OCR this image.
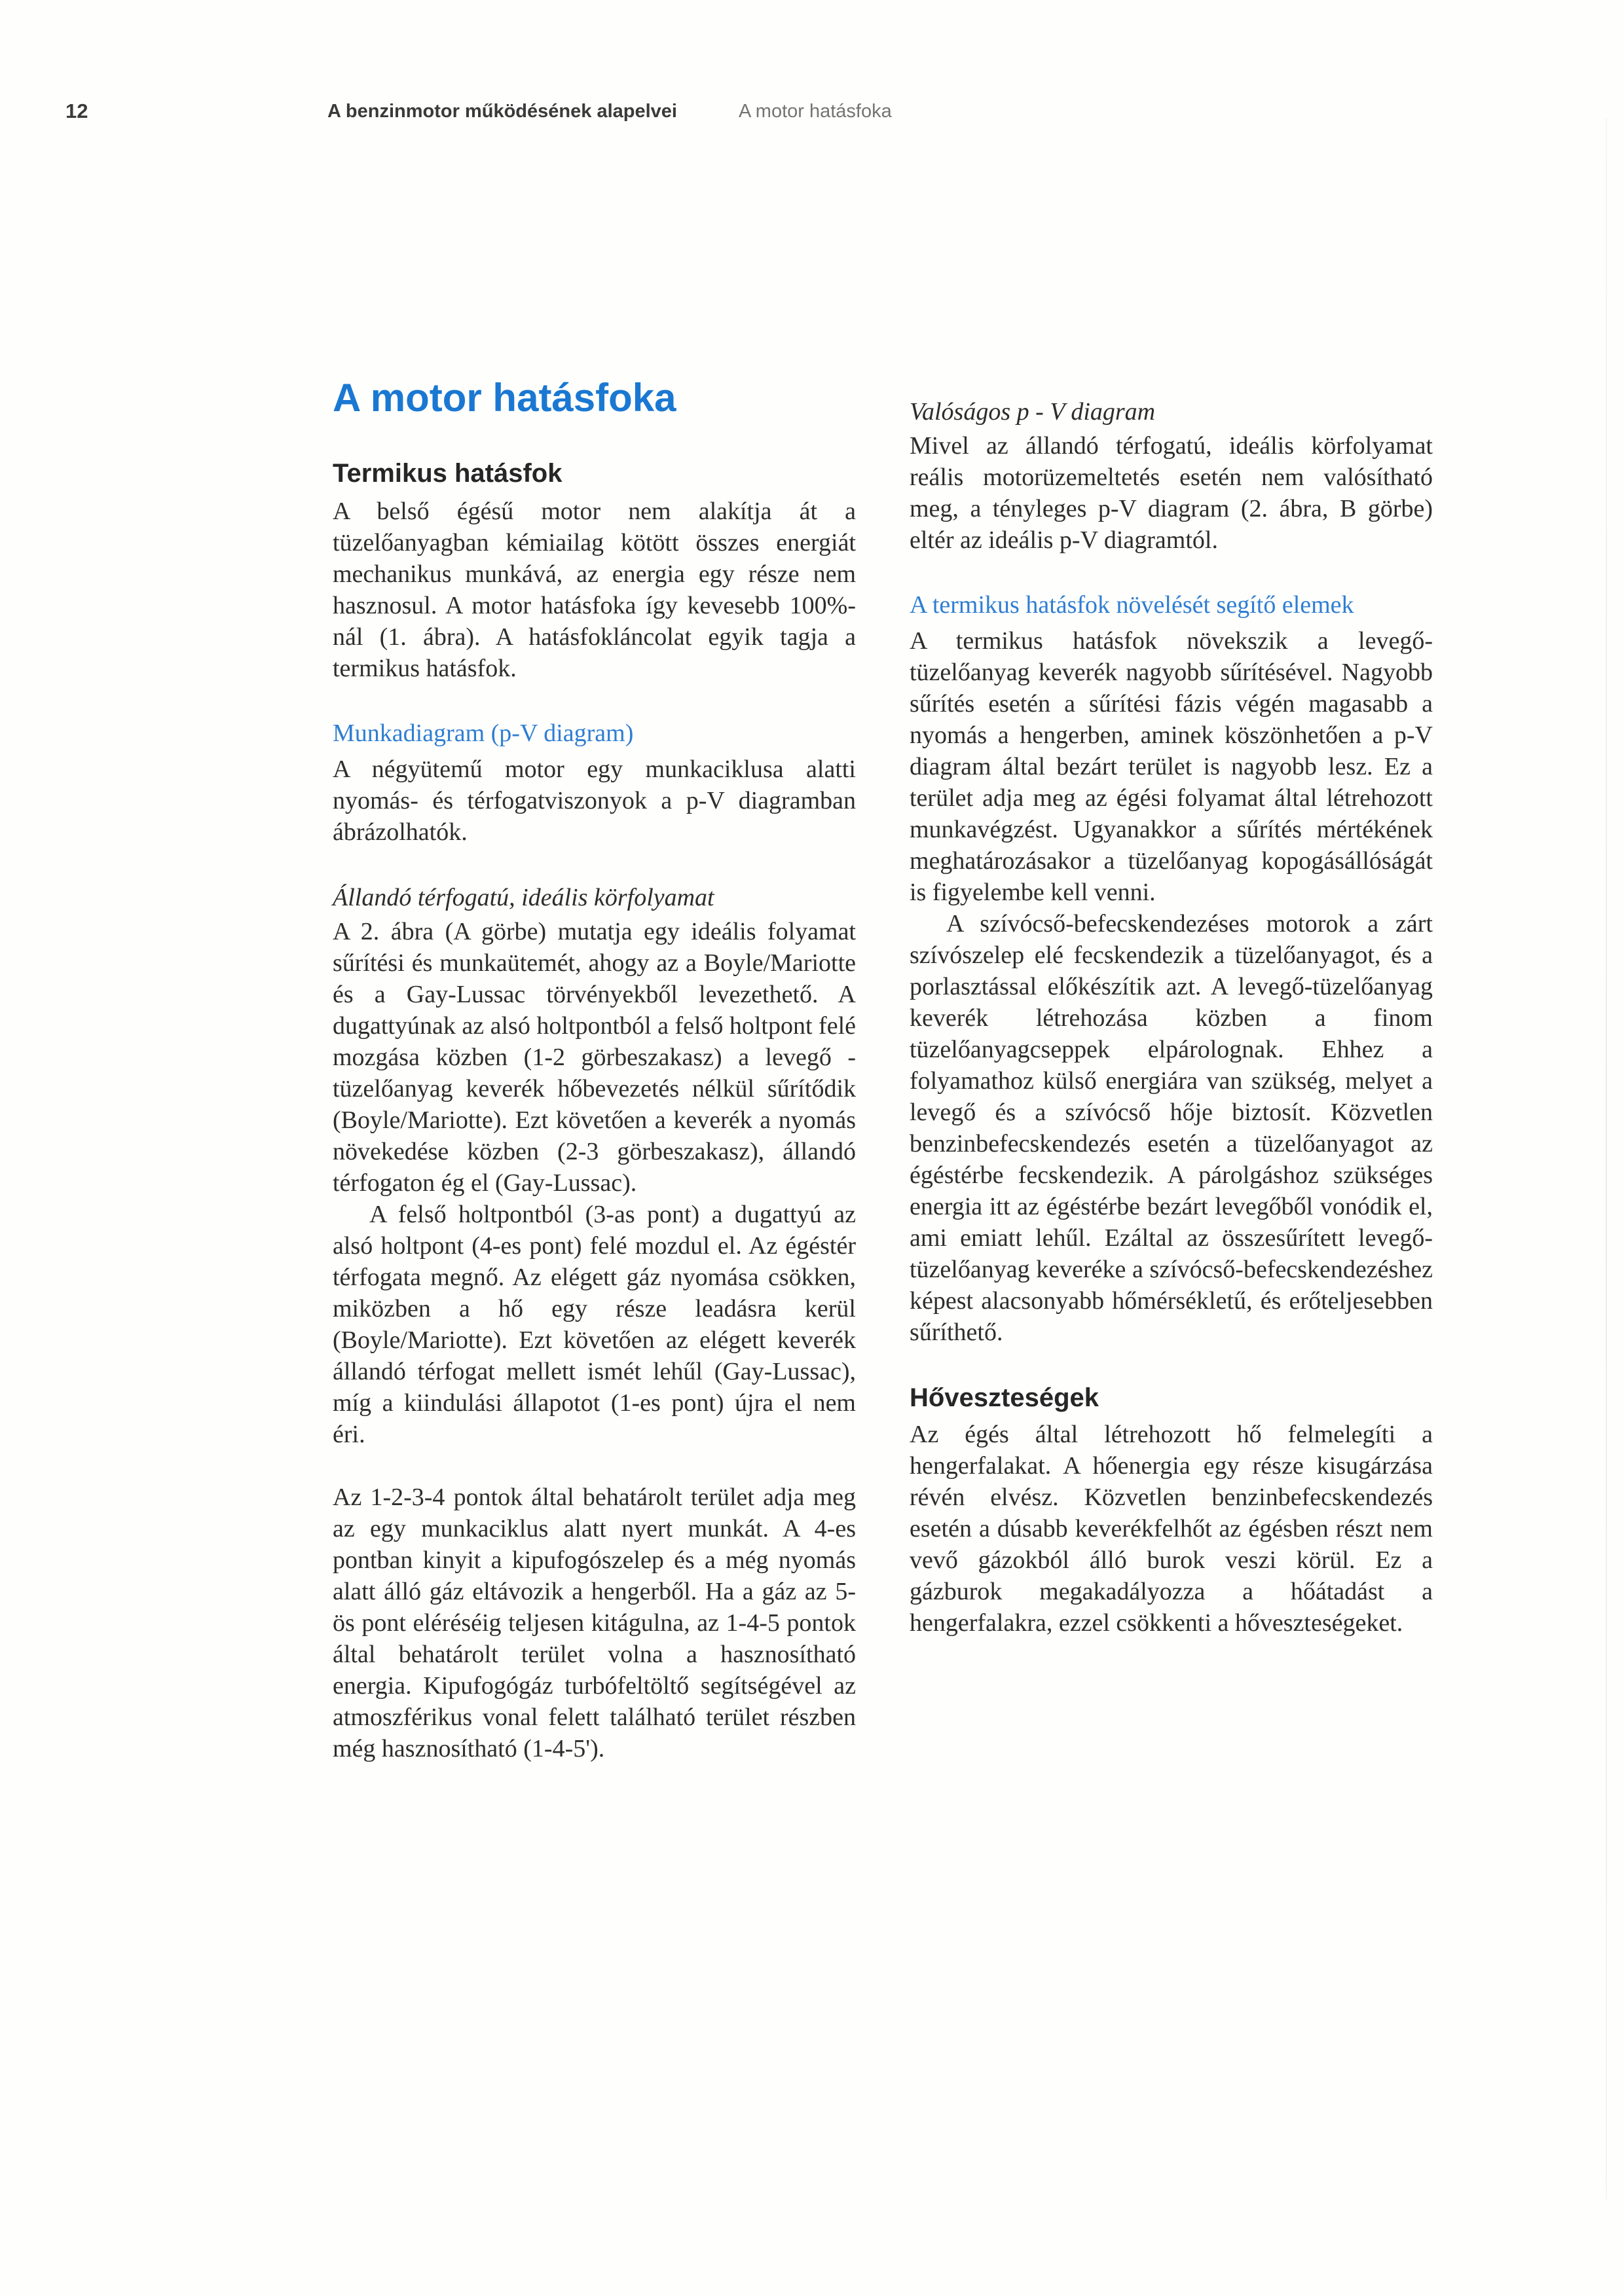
12	A benzinmotor működésének alapelvei	A motor hatásfoka
A motor hatásfoka
Termikus hatásfok

A belső égésű motor nem alakítja át a tüzelőanyagban kémiailag kötött összes energiát mechanikus munkává, az energia egy része nem hasznosul. A motor hatásfoka így kevesebb 100%-nál (1. ábra). A hatásfokláncolat egyik tagja a termikus hatásfok.

Munkadiagram (p-V diagram)

A négyütemű motor egy munkaciklusa alatti nyomás- és térfogatviszonyok a p-V diagramban ábrázolhatók.

Állandó térfogatú, ideális körfolyamat

A 2. ábra (A görbe) mutatja egy ideális folyamat sűrítési és munkaütemét, ahogy az a Boyle/Mariotte és a Gay-Lussac törvényekből levezethető. A dugattyúnak az alsó holtpontból a felső holtpont felé mozgása közben (1-2 görbeszakasz) a levegő - tüzelőanyag keverék hőbevezetés nélkül sűrítődik (Boyle/Mariotte). Ezt követően a keverék a nyomás növekedése közben (2-3 görbeszakasz), állandó térfogaton ég el (Gay-Lussac).

A felső holtpontból (3-as pont) a dugattyú az alsó holtpont (4-es pont) felé mozdul el. Az égéstér térfogata megnő. Az elégett gáz nyomása csökken, miközben a hő egy része leadásra kerül (Boyle/Mariotte). Ezt követően az elégett keverék állandó térfogat mellett ismét lehűl (Gay-Lussac), míg a kiindulási állapotot (1-es pont) újra el nem éri.

Az 1-2-3-4 pontok által behatárolt terület adja meg az egy munkaciklus alatt nyert munkát. A 4-es pontban kinyit a kipufogószelep és a még nyomás alatt álló gáz eltávozik a hengerből. Ha a gáz az 5-ös pont eléréséig teljesen kitágulna, az 1-4-5 pontok által behatárolt terület volna a hasznosítható energia. Kipufogógáz turbófeltöltő segítségével az atmoszférikus vonal felett található terület részben még hasznosítható (1-4-5').

Valóságos p - V diagram

Mivel az állandó térfogatú, ideális körfolyamat reális motorüzemeltetés esetén nem valósítható meg, a tényleges p-V diagram (2. ábra, B görbe) eltér az ideális p-V diagramtól.

A termikus hatásfok növelését segítő elemek

A termikus hatásfok növekszik a levegő-tüzelőanyag keverék nagyobb sűrítésével. Nagyobb sűrítés esetén a sűrítési fázis végén magasabb a nyomás a hengerben, aminek köszönhetően a p-V diagram által bezárt terület is nagyobb lesz. Ez a terület adja meg az égési folyamat által létrehozott munkavégzést. Ugyanakkor a sűrítés mértékének meghatározásakor a tüzelőanyag kopogásállóságát is figyelembe kell venni.

A szívócső-befecskendezéses motorok a zárt szívószelep elé fecskendezik a tüzelőanyagot, és a porlasztással előkészítik azt. A levegő-tüzelőanyag keverék létrehozása közben a finom tüzelőanyagcseppek elpárolognak. Ehhez a folyamathoz külső energiára van szükség, melyet a levegő és a szívócső hője biztosít. Közvetlen benzinbefecskendezés esetén a tüzelőanyagot az égéstérbe fecskendezik. A párolgáshoz szükséges energia itt az égéstérbe bezárt levegőből vonódik el, ami emiatt lehűl. Ezáltal az összesűrített levegő-tüzelőanyag keveréke a szívócső-befecskendezéshez képest alacsonyabb hőmérsékletű, és erőteljesebben sűríthető.

Hőveszteségek

Az égés által létrehozott hő felmelegíti a hengerfalakat. A hőenergia egy része kisugárzása révén elvész. Közvetlen benzinbefecskendezés esetén a dúsabb keverékfelhőt az égésben részt nem vevő gázokból álló burok veszi körül. Ez a gázburok megakadályozza a hőátadást a hengerfalakra, ezzel csökkenti a hőveszteségeket.
